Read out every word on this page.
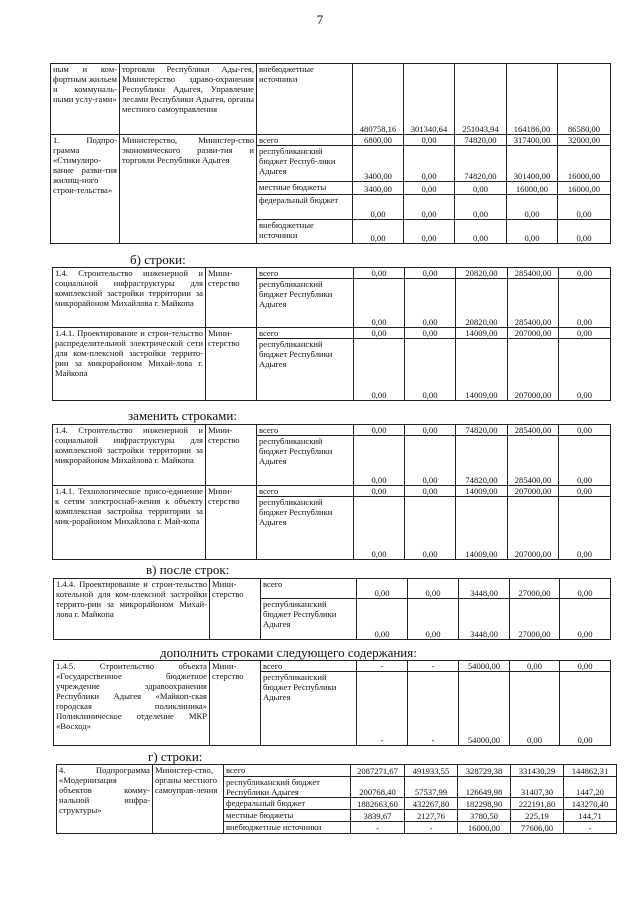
7
ным и ком-фортным жильем и коммуналь-ными услу-гами»	торговли Республики Ады-гея, Министерство здраво-охранения Республики Адыгея, Управление лесами Республики Адыгея, органы местного самоуправления	внебюджетные источники	480758,16	301340,64	251043,94	164186,00	86580,00
1. Подпро-грамма «Стимулиро-вание разви-тия жилищ-ного строи-тельства»	Министерство, Министер-ство экономического разви-тия и торговли Республики Адыгея	всего	6800,00	0,00	74820,00	317400,00	32000,00
		республиканский бюджет Респуб-лики Адыгея	3400,00	0,00	74820,00	301400,00	16000,00
		местные бюджеты	3400,00	0,00	0,00	16000,00	16000,00
		федеральный бюджет	0,00	0,00	0,00	0,00	0,00
		внебюджетные источники	0,00	0,00	0,00	0,00	0,00
б) строки:
1.4. Строительство инженерной и социальной инфраструктуры для комплексной застройки территории за микрорайоном Михайлова г. Майкопа	Мини-стерство	всего	0,00	0,00	20820,00	285400,00	0,00
		республиканский бюджет Республики Адыгея	0,00	0,00	20820,00	285400,00	0,00
1.4.1. Проектирование и строи-тельство распределительной электрической сети для ком-плексной застройки террито-рии за микрорайоном Михай-лова г. Майкопа	Мини-стерство	всего	0,00	0,00	14009,00	207000,00	0,00
		республиканский бюджет Республики Адыгея	0,00	0,00	14009,00	207000,00	0,00
заменить строками:
1.4. Строительство инженерной и социальной инфраструктуры для комплексной застройки территории за микрорайоном Михайлова г. Майкопа	Мини-стерство	всего	0,00	0,00	74820,00	285400,00	0,00
		республиканский бюджет Республики Адыгея	0,00	0,00	74820,00	285400,00	0,00
1.4.1. Технологическое присо-единение к сетям электроснаб-жения к объекту комплексная застройка территории за мик-рорайоном Михайлова г. Май-копа	Мини-стерство	всего	0,00	0,00	14009,00	207000,00	0,00
		республиканский бюджет Республики Адыгея	0,00	0,00	14009,00	207000,00	0,00
в) после строк:
1.4.4. Проектирование и строи-тельство котельной для ком-плексной застройки террито-рии за микрорайоном Михай-лова г. Майкопа	Мини-стерство	всего	0,00	0,00	3448,00	27000,00	0,00
		республиканский бюджет Республики Адыгея	0,00	0,00	3448,00	27000,00	0,00
дополнить строками следующего содержания:
1.4.5. Строительство объекта «Государственное бюджетное учреждение здравоохранения Республики Адыгея «Майкоп-ская городская поликлиника» Поликлиническое отделение МКР «Восход»	Мини-стерство	всего	-	-	54000,00	0,00	0,00
		республиканский бюджет Республики Адыгея	-	-	54000,00	0,00	0,00
г) строки:
4. Подпрограмма «Модернизация объектов комму-нальной инфра-структуры»	Министер-ство, органы местного самоуправ-ления	всего	2087271,67	491933,55	328729,38	331430,29	144862,31
		республиканский бюджет Республики Адыгея	200768,40	57537,99	126649,98	31407,30	1447,20
		федеральный бюджет	1882663,60	432267,80	182298,90	222191,80	143270,40
		местные бюджеты	3839,67	2127,76	3780,50	225,19	144,71
		внебюджетные источники	-	-	16000,00	77606,00	-
